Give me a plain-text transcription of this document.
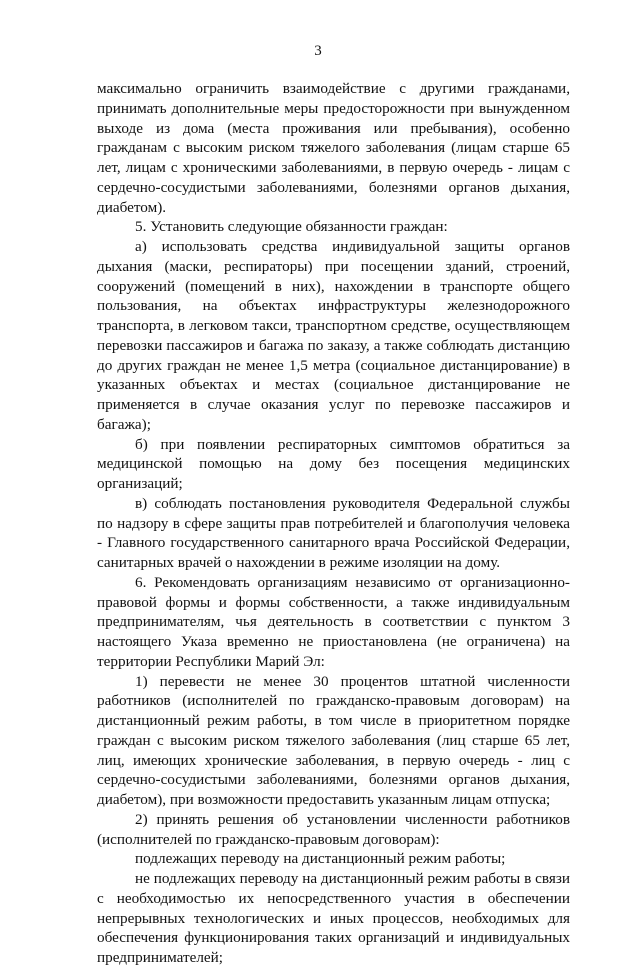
3

максимально ограничить взаимодействие с другими гражданами, принимать дополнительные меры предосторожности при вынужденном выходе из дома (места проживания или пребывания), особенно гражданам с высоким риском тяжелого заболевания (лицам старше 65 лет, лицам с хроническими заболеваниями, в первую очередь - лицам с сердечно-сосудистыми заболеваниями, болезнями органов дыхания, диабетом).

5. Установить следующие обязанности граждан:

а) использовать средства индивидуальной защиты органов дыхания (маски, респираторы) при посещении зданий, строений, сооружений (помещений в них), нахождении в транспорте общего пользования, на объектах инфраструктуры железнодорожного транспорта, в легковом такси, транспортном средстве, осуществляющем перевозки пассажиров и багажа по заказу, а также соблюдать дистанцию до других граждан не менее 1,5 метра (социальное дистанцирование) в указанных объектах и местах (социальное дистанцирование не применяется в случае оказания услуг по перевозке пассажиров и багажа);

б) при появлении респираторных симптомов обратиться за медицинской помощью на дому без посещения медицинских организаций;

в) соблюдать постановления руководителя Федеральной службы по надзору в сфере защиты прав потребителей и благополучия человека - Главного государственного санитарного врача Российской Федерации, санитарных врачей о нахождении в режиме изоляции на дому.

6. Рекомендовать организациям независимо от организационно-правовой формы и формы собственности, а также индивидуальным предпринимателям, чья деятельность в соответствии с пунктом 3 настоящего Указа временно не приостановлена (не ограничена) на территории Республики Марий Эл:

1) перевести не менее 30 процентов штатной численности работников (исполнителей по гражданско-правовым договорам) на дистанционный режим работы, в том числе в приоритетном порядке граждан с высоким риском тяжелого заболевания (лиц старше 65 лет, лиц, имеющих хронические заболевания, в первую очередь - лиц с сердечно-сосудистыми заболеваниями, болезнями органов дыхания, диабетом), при возможности предоставить указанным лицам отпуска;

2) принять решения об установлении численности работников (исполнителей по гражданско-правовым договорам):

подлежащих переводу на дистанционный режим работы;

не подлежащих переводу на дистанционный режим работы в связи с необходимостью их непосредственного участия в обеспечении непрерывных технологических и иных процессов, необходимых для обеспечения функционирования таких организаций и индивидуальных предпринимателей;
